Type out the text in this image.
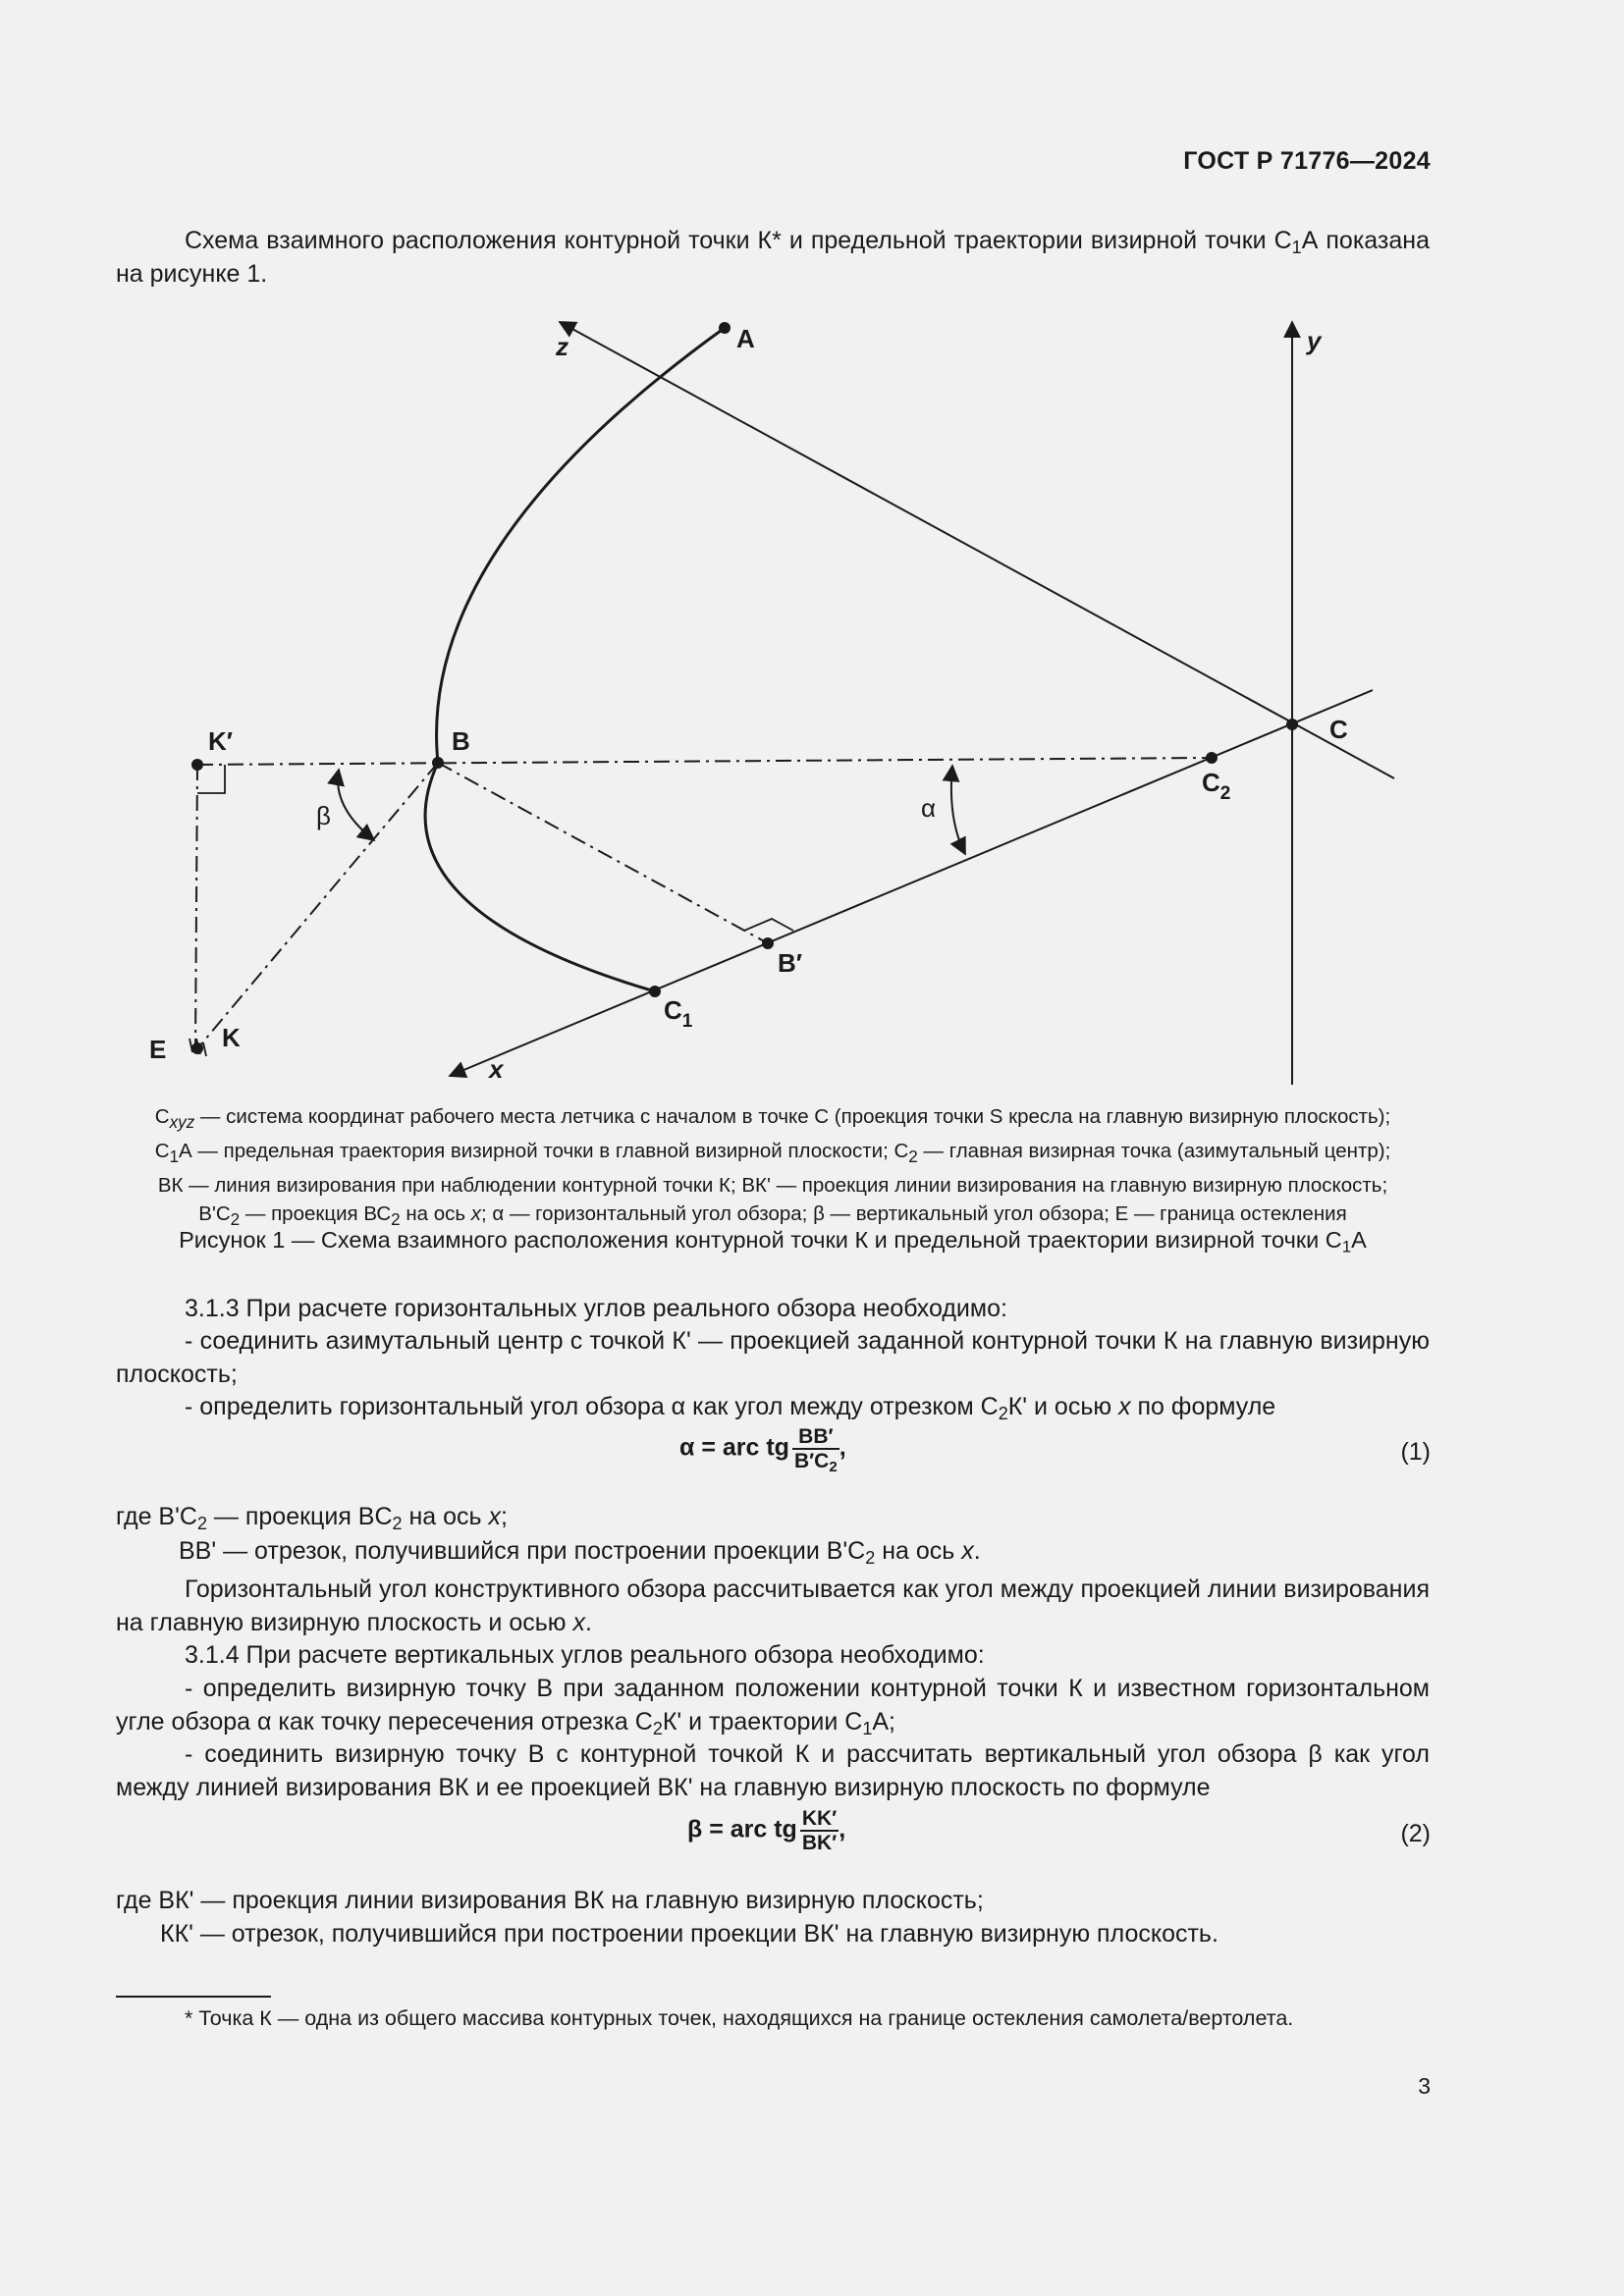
ГОСТ Р 71776—2024
Схема взаимного расположения контурной точки К* и предельной траектории визирной точки $С_1А$ показана на рисунке 1.
A
z	y
C
$C_2$
K′	B
β	α
B′
$C_1$
E K
x
$С_{xyz}$ — система координат рабочего места летчика с началом в точке С (проекция точки S кресла на главную визирную плоскость);
$С_1А$ — предельная траектория визирной точки в главной визирной плоскости; $С_2$ — главная визирная точка (азимутальный центр);
ВК — линия визирования при наблюдении контурной точки К; ВК' — проекция линии визирования на главную визирную плоскость;
$В'С_2$ — проекция $ВС_2$ на ось x; α — горизонтальный угол обзора; β — вертикальный угол обзора; Е — граница остекления
Рисунок 1 — Схема взаимного расположения контурной точки К и предельной траектории визирной точки $С_1А$
3.1.3 При расчете горизонтальных углов реального обзора необходимо:
- соединить азимутальный центр с точкой К' — проекцией заданной контурной точки К на главную визирную плоскость;
- определить горизонтальный угол обзора α как угол между отрезком $С_2К'$ и осью x по формуле
α = arc tg $\frac{BB'}{B'C_2}$ ,	(1)
где $B'C_2$ — проекция $BC_2$ на ось x;
BB' — отрезок, получившийся при построении проекции $B'C_2$ на ось x.
Горизонтальный угол конструктивного обзора рассчитывается как угол между проекцией линии визирования на главную визирную плоскость и осью x.
3.1.4 При расчете вертикальных углов реального обзора необходимо:
- определить визирную точку В при заданном положении контурной точки К и известном горизонтальном угле обзора α как точку пересечения отрезка $С_2К'$ и траектории $С_1А$;
- соединить визирную точку В с контурной точкой К и рассчитать вертикальный угол обзора β как угол между линией визирования ВК и ее проекцией ВК' на главную визирную плоскость по формуле
β = arc tg $\frac{KK'}{BK'}$ ,	(2)
где ВК' — проекция линии визирования ВК на главную визирную плоскость;
КК' — отрезок, получившийся при построении проекции ВК' на главную визирную плоскость.
* Точка К — одна из общего массива контурных точек, находящихся на границе остекления самолета/вертолета.
3
